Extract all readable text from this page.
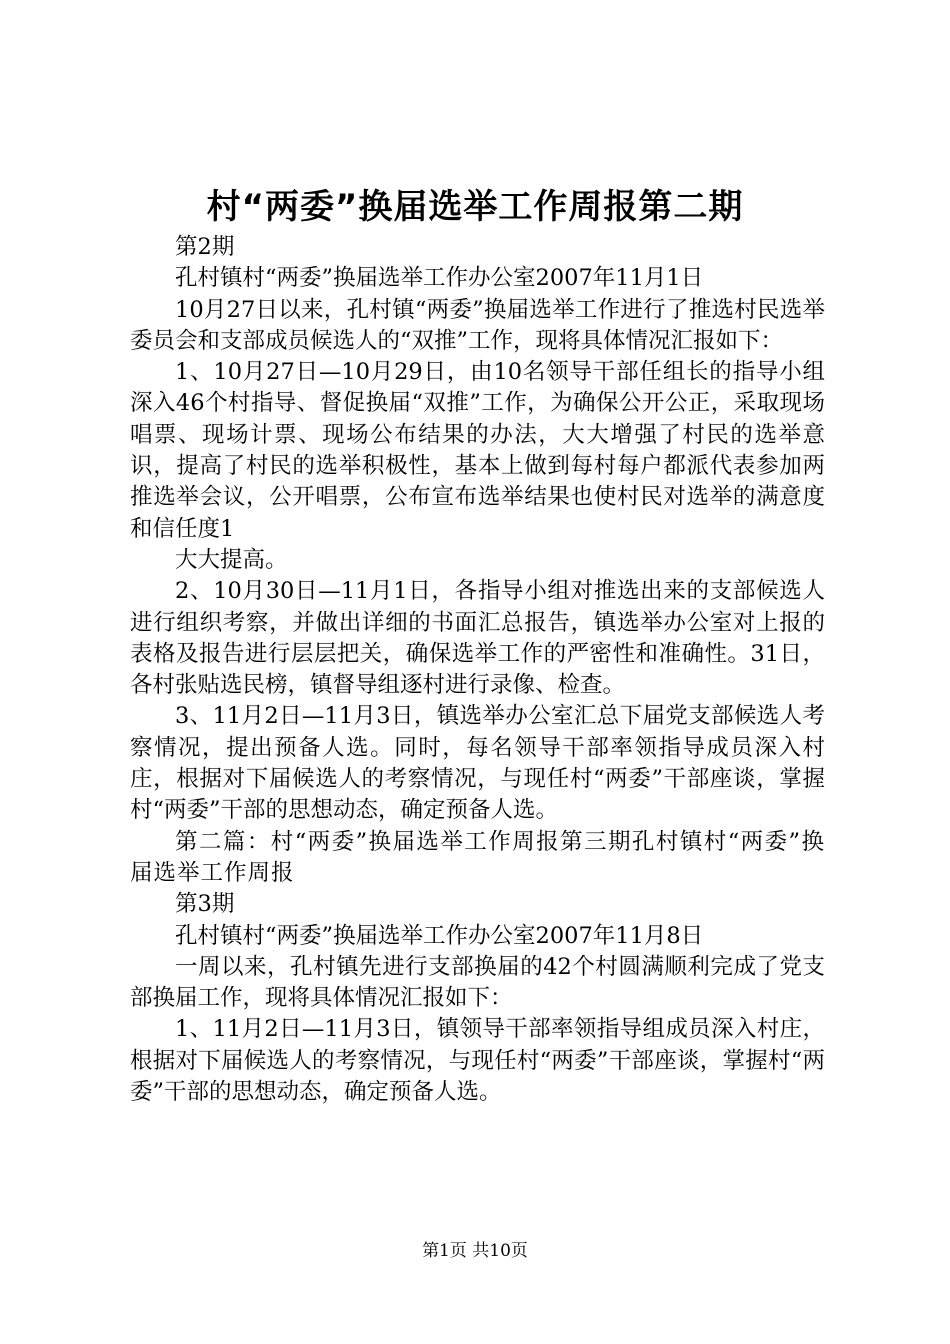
村“两委”换届选举工作周报第二期

第2期

孔村镇村“两委”换届选举工作办公室2007年11月1日

10月27日以来，孔村镇“两委”换届选举工作进行了推选村民选举委员会和支部成员候选人的“双推”工作，现将具体情况汇报如下：

1、10月27日—10月29日，由10名领导干部任组长的指导小组深入46个村指导、督促换届“双推”工作，为确保公开公正，采取现场唱票、现场计票、现场公布结果的办法，大大增强了村民的选举意识，提高了村民的选举积极性，基本上做到每村每户都派代表参加两推选举会议，公开唱票，公布宣布选举结果也使村民对选举的满意度和信任度1

大大提高。

2、10月30日—11月1日，各指导小组对推选出来的支部候选人进行组织考察，并做出详细的书面汇总报告，镇选举办公室对上报的表格及报告进行层层把关，确保选举工作的严密性和准确性。31日，各村张贴选民榜，镇督导组逐村进行录像、检查。

3、11月2日—11月3日，镇选举办公室汇总下届党支部候选人考察情况，提出预备人选。同时，每名领导干部率领指导成员深入村庄，根据对下届候选人的考察情况，与现任村“两委”干部座谈，掌握村“两委”干部的思想动态，确定预备人选。

第二篇：村“两委”换届选举工作周报第三期孔村镇村“两委”换届选举工作周报

第3期

孔村镇村“两委”换届选举工作办公室2007年11月8日

一周以来，孔村镇先进行支部换届的42个村圆满顺利完成了党支部换届工作，现将具体情况汇报如下：

1、11月2日—11月3日，镇领导干部率领指导组成员深入村庄，根据对下届候选人的考察情况，与现任村“两委”干部座谈，掌握村“两委”干部的思想动态，确定预备人选。

第1页 共10页
